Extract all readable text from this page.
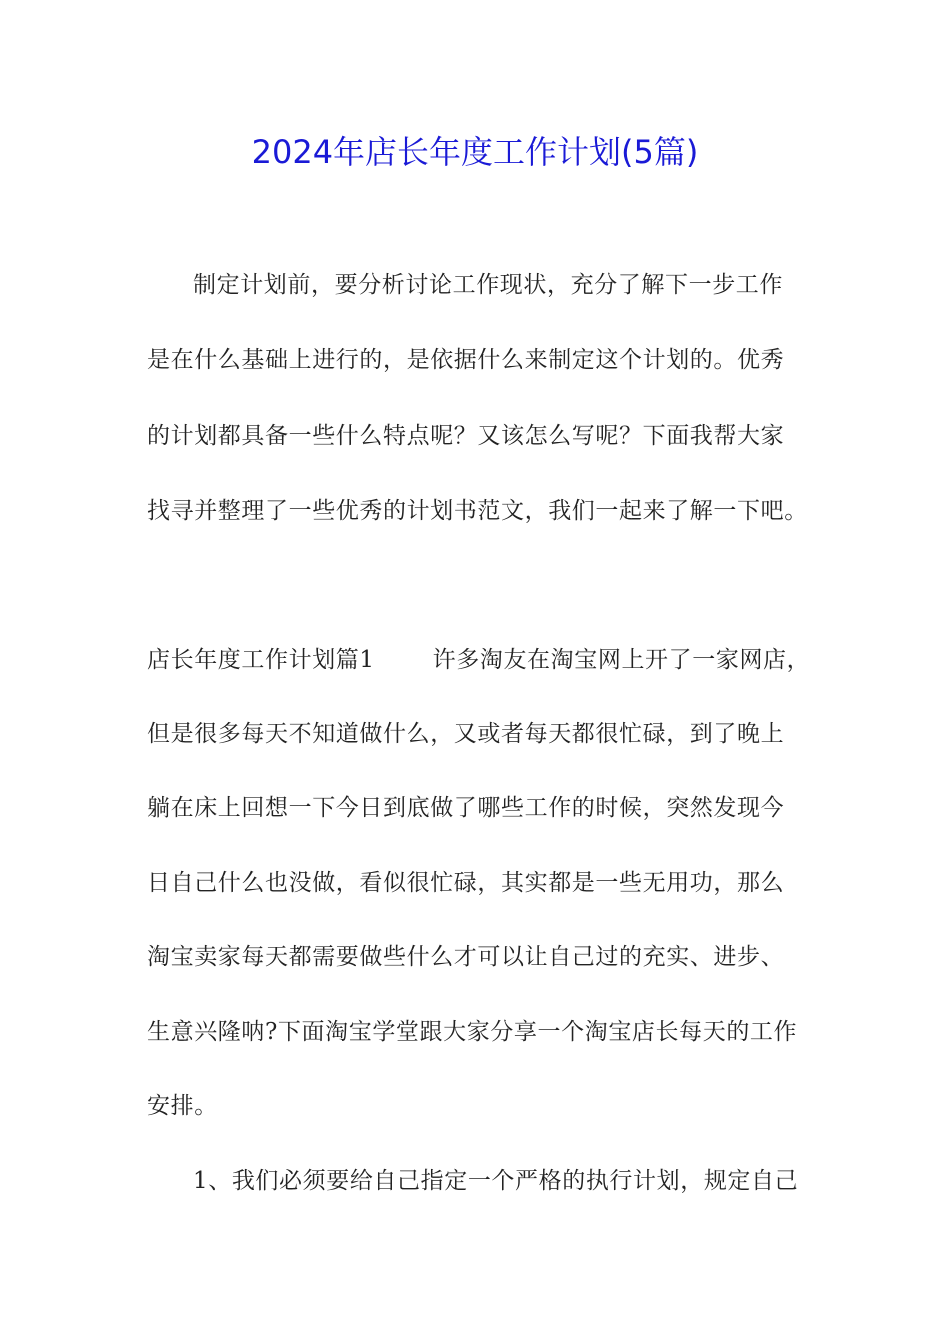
2024年店长年度工作计划(5篇)
制定计划前，要分析讨论工作现状，充分了解下一步工作
是在什么基础上进行的，是依据什么来制定这个计划的。优秀
的计划都具备一些什么特点呢？又该怎么写呢？下面我帮大家
找寻并整理了一些优秀的计划书范文，我们一起来了解一下吧。
店长年度工作计划篇1	许多淘友在淘宝网上开了一家网店，
但是很多每天不知道做什么，又或者每天都很忙碌，到了晚上
躺在床上回想一下今日到底做了哪些工作的时候，突然发现今
日自己什么也没做，看似很忙碌，其实都是一些无用功，那么
淘宝卖家每天都需要做些什么才可以让自己过的充实、进步、
生意兴隆呐?下面淘宝学堂跟大家分享一个淘宝店长每天的工作
安排。
1、我们必须要给自己指定一个严格的执行计划，规定自己
